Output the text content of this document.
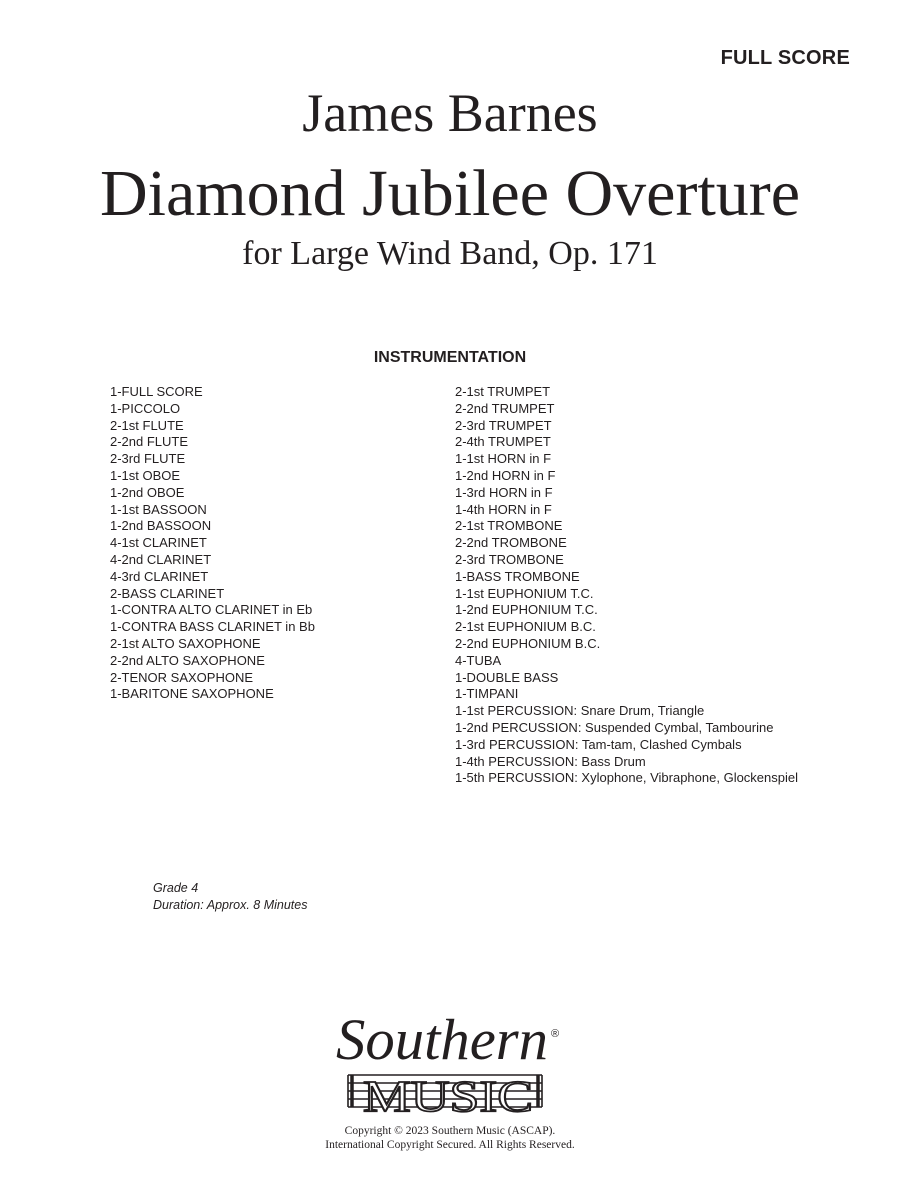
FULL SCORE
James Barnes
Diamond Jubilee Overture
for Large Wind Band, Op. 171
INSTRUMENTATION
1-FULL SCORE
1-PICCOLO
2-1st FLUTE
2-2nd FLUTE
2-3rd FLUTE
1-1st OBOE
1-2nd OBOE
1-1st BASSOON
1-2nd BASSOON
4-1st CLARINET
4-2nd CLARINET
4-3rd CLARINET
2-BASS CLARINET
1-CONTRA ALTO CLARINET in Eb
1-CONTRA BASS CLARINET in Bb
2-1st ALTO SAXOPHONE
2-2nd ALTO SAXOPHONE
2-TENOR SAXOPHONE
1-BARITONE SAXOPHONE
2-1st TRUMPET
2-2nd TRUMPET
2-3rd TRUMPET
2-4th TRUMPET
1-1st HORN in F
1-2nd HORN in F
1-3rd HORN in F
1-4th HORN in F
2-1st TROMBONE
2-2nd TROMBONE
2-3rd TROMBONE
1-BASS TROMBONE
1-1st EUPHONIUM T.C.
1-2nd EUPHONIUM T.C.
2-1st EUPHONIUM B.C.
2-2nd EUPHONIUM B.C.
4-TUBA
1-DOUBLE BASS
1-TIMPANI
1-1st PERCUSSION: Snare Drum, Triangle
1-2nd PERCUSSION: Suspended Cymbal, Tambourine
1-3rd PERCUSSION: Tam-tam, Clashed Cymbals
1-4th PERCUSSION: Bass Drum
1-5th PERCUSSION: Xylophone, Vibraphone, Glockenspiel
Grade 4
Duration: Approx. 8 Minutes
Southern ®
MUSIC
Copyright © 2023 Southern Music (ASCAP).
International Copyright Secured. All Rights Reserved.
